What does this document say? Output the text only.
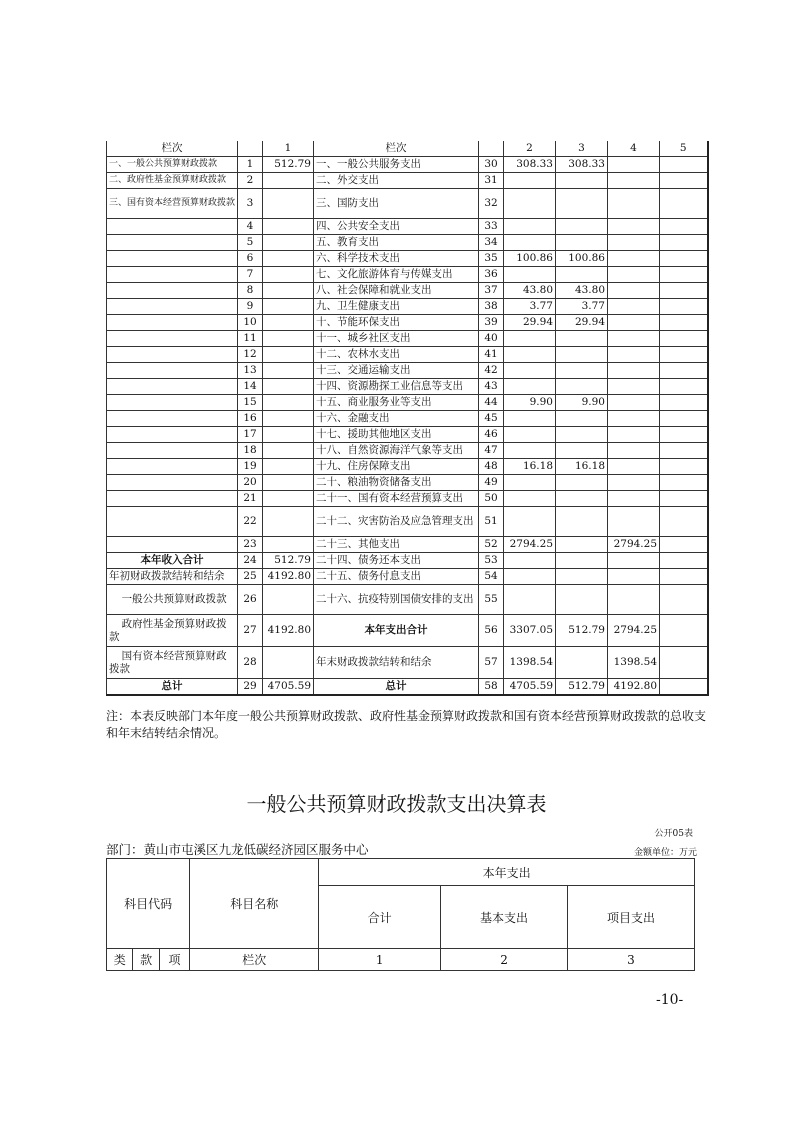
栏次		1	栏次		2	3	4	5
一、一般公共预算财政拨款	1	512.79	一、一般公共服务支出	30	308.33	308.33		
二、政府性基金预算财政拨款	2		二、外交支出	31				
三、国有资本经营预算财政拨款	3		三、国防支出	32				
	4		四、公共安全支出	33				
	5		五、教育支出	34				
	6		六、科学技术支出	35	100.86	100.86		
	7		七、文化旅游体育与传媒支出	36				
	8		八、社会保障和就业支出	37	43.80	43.80		
	9		九、卫生健康支出	38	3.77	3.77		
	10		十、节能环保支出	39	29.94	29.94		
	11		十一、城乡社区支出	40				
	12		十二、农林水支出	41				
	13		十三、交通运输支出	42				
	14		十四、资源勘探工业信息等支出	43				
	15		十五、商业服务业等支出	44	9.90	9.90		
	16		十六、金融支出	45				
	17		十七、援助其他地区支出	46				
	18		十八、自然资源海洋气象等支出	47				
	19		十九、住房保障支出	48	16.18	16.18		
	20		二十、粮油物资储备支出	49				
	21		二十一、国有资本经营预算支出	50				
	22		二十二、灾害防治及应急管理支出	51				
	23		二十三、其他支出	52	2794.25		2794.25	
本年收入合计	24	512.79	二十四、债务还本支出	53				
年初财政拨款结转和结余	25	4192.80	二十五、债务付息支出	54				
一般公共预算财政拨款	26		二十六、抗疫特别国债安排的支出	55				
政府性基金预算财政拨款	27	4192.80	本年支出合计	56	3307.05	512.79	2794.25	
国有资本经营预算财政拨款	28		年末财政拨款结转和结余	57	1398.54		1398.54	
总计	29	4705.59	总计	58	4705.59	512.79	4192.80	
注：本表反映部门本年度一般公共预算财政拨款、政府性基金预算财政拨款和国有资本经营预算财政拨款的总收支和年末结转结余情况。
一般公共预算财政拨款支出决算表
公开05表
部门：黄山市屯溪区九龙低碳经济园区服务中心	金额单位：万元
科目代码			科目名称	本年支出		
				合计	基本支出	项目支出
类	款	项	栏次	1	2	3
-10-
